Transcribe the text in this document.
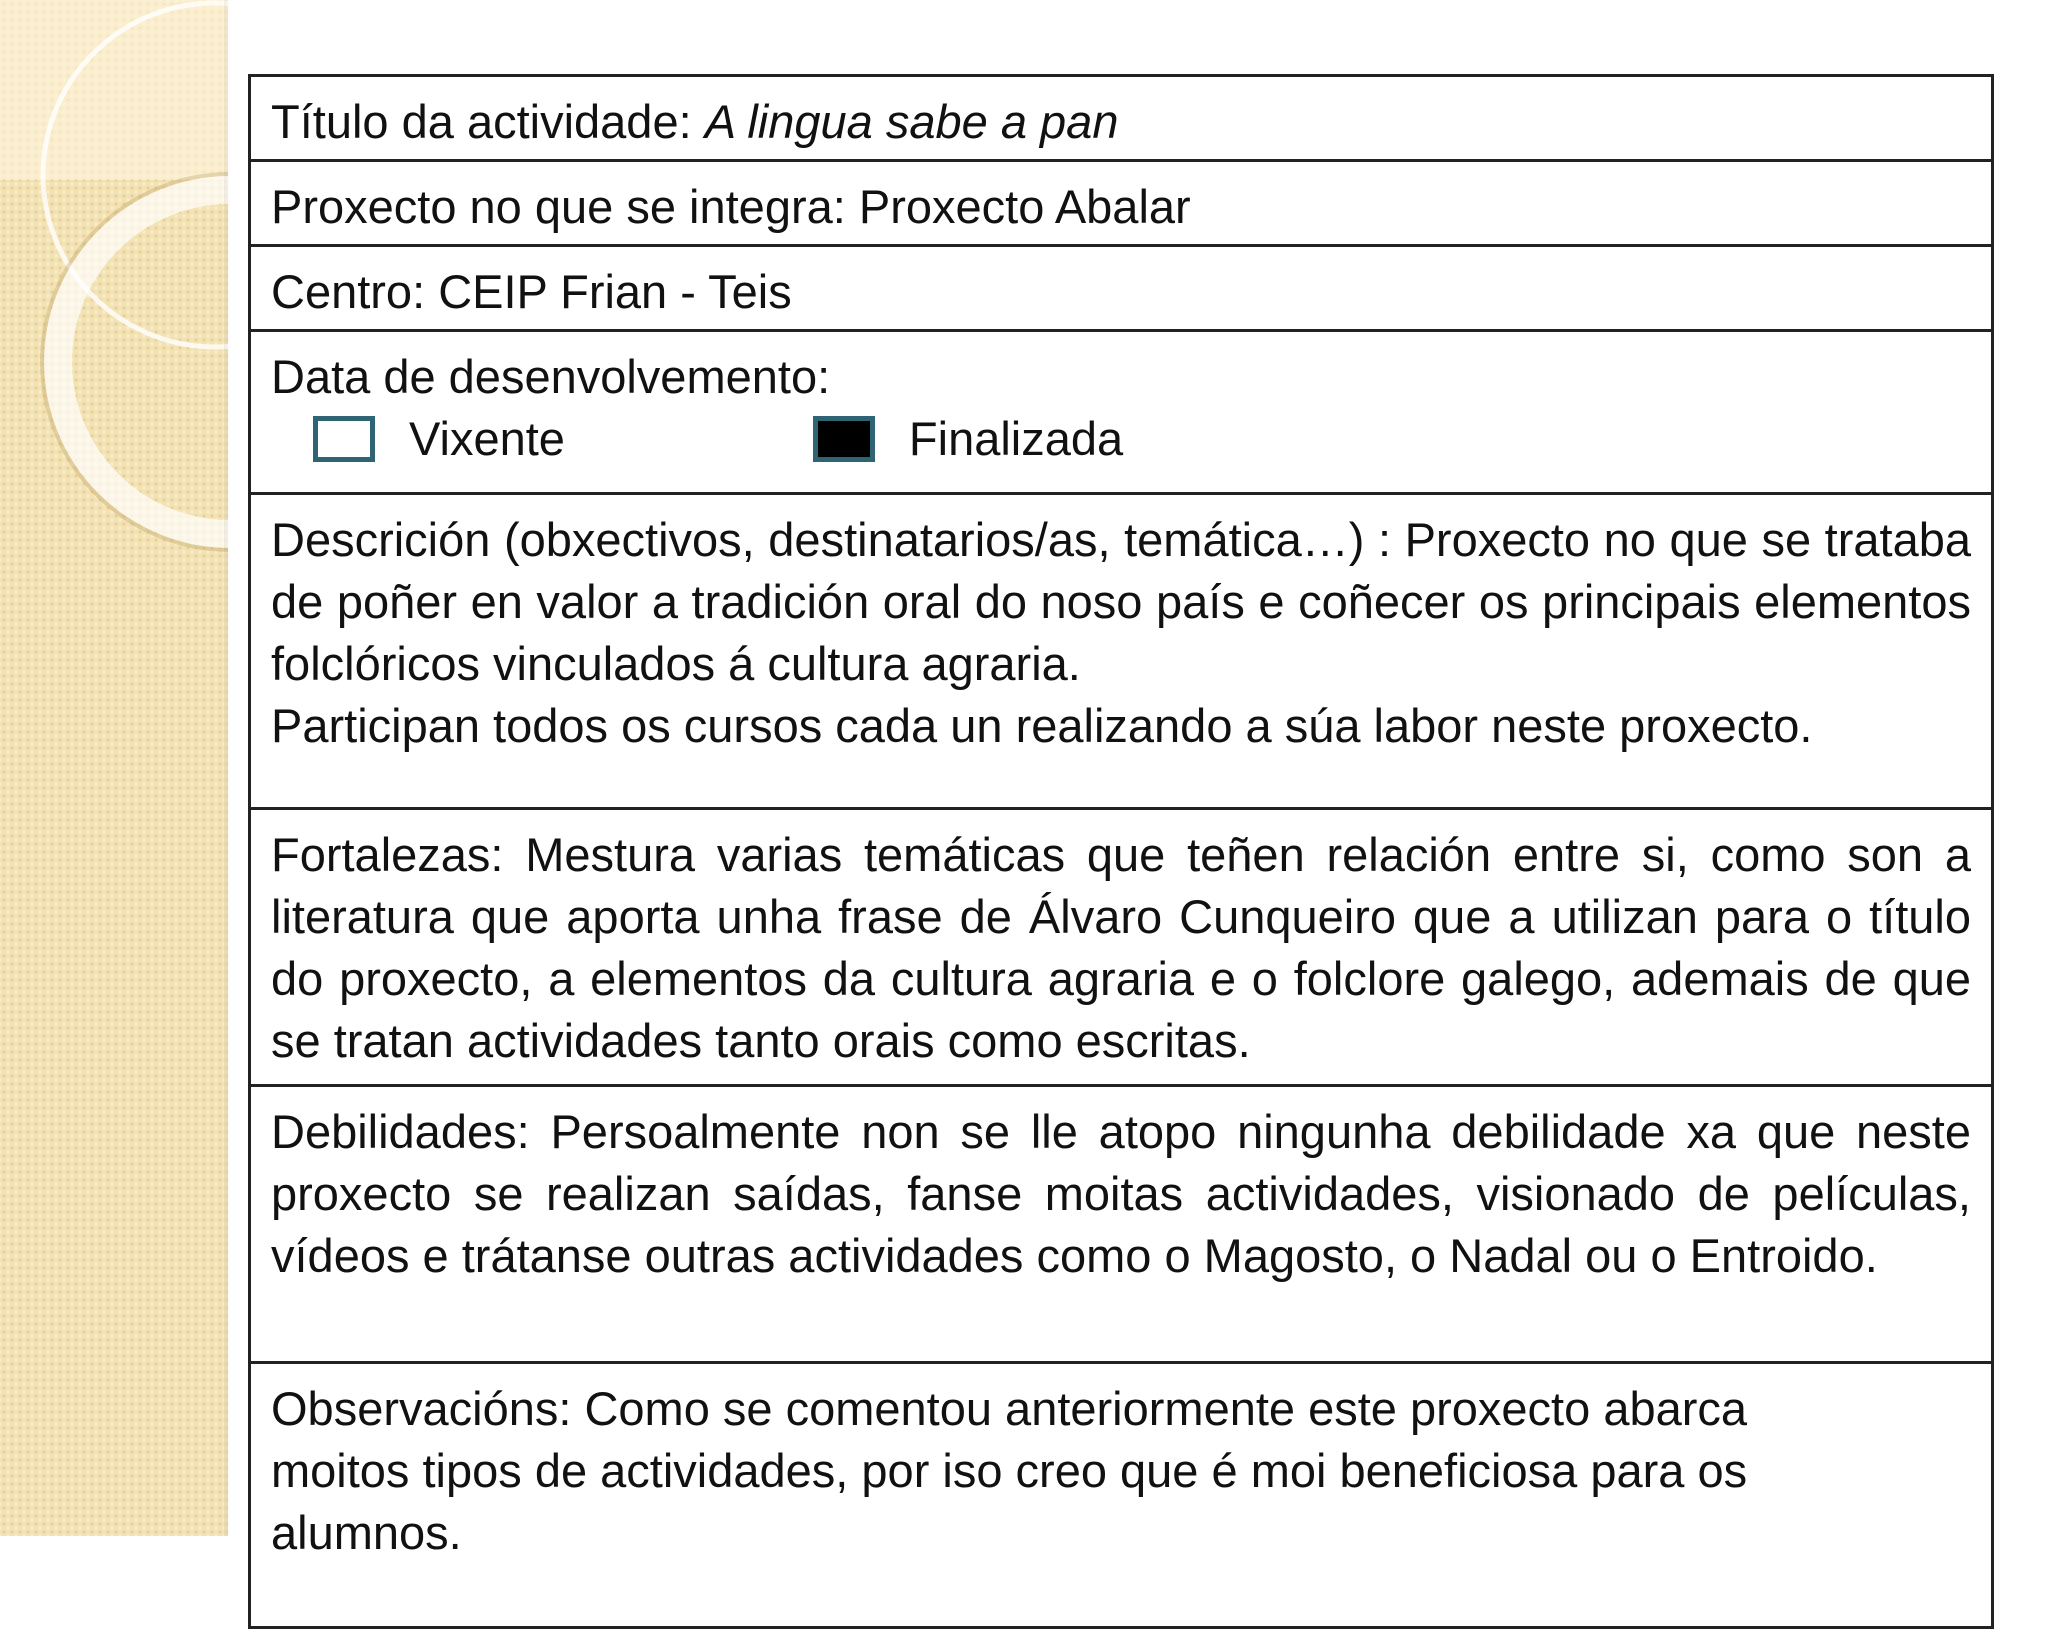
Título da actividade: A lingua sabe a pan
Proxecto no que se integra: Proxecto Abalar
Centro: CEIP Frian - Teis

Data de desenvolvemento:
Vixente	Finalizada

Descrición (obxectivos, destinatarios/as, temática…) : Proxecto no que se trataba de poñer en valor a tradición oral do noso país e coñecer os principais elementos folclóricos vinculados á cultura agraria.
Participan todos os cursos cada un realizando a súa labor neste proxecto.

Fortalezas: Mestura varias temáticas que teñen relación entre si, como son a literatura que aporta unha frase de Álvaro Cunqueiro que a utilizan para o título do proxecto, a elementos da cultura agraria e o folclore galego, ademais de que se tratan actividades tanto orais como escritas.

Debilidades: Persoalmente non se lle atopo ningunha debilidade xa que neste proxecto se realizan saídas, fanse moitas actividades, visionado de películas, vídeos e trátanse outras actividades como o Magosto, o Nadal ou o Entroido.

Observacións: Como se comentou anteriormente este proxecto abarca
moitos tipos de actividades, por iso creo que é moi beneficiosa para os
alumnos.
